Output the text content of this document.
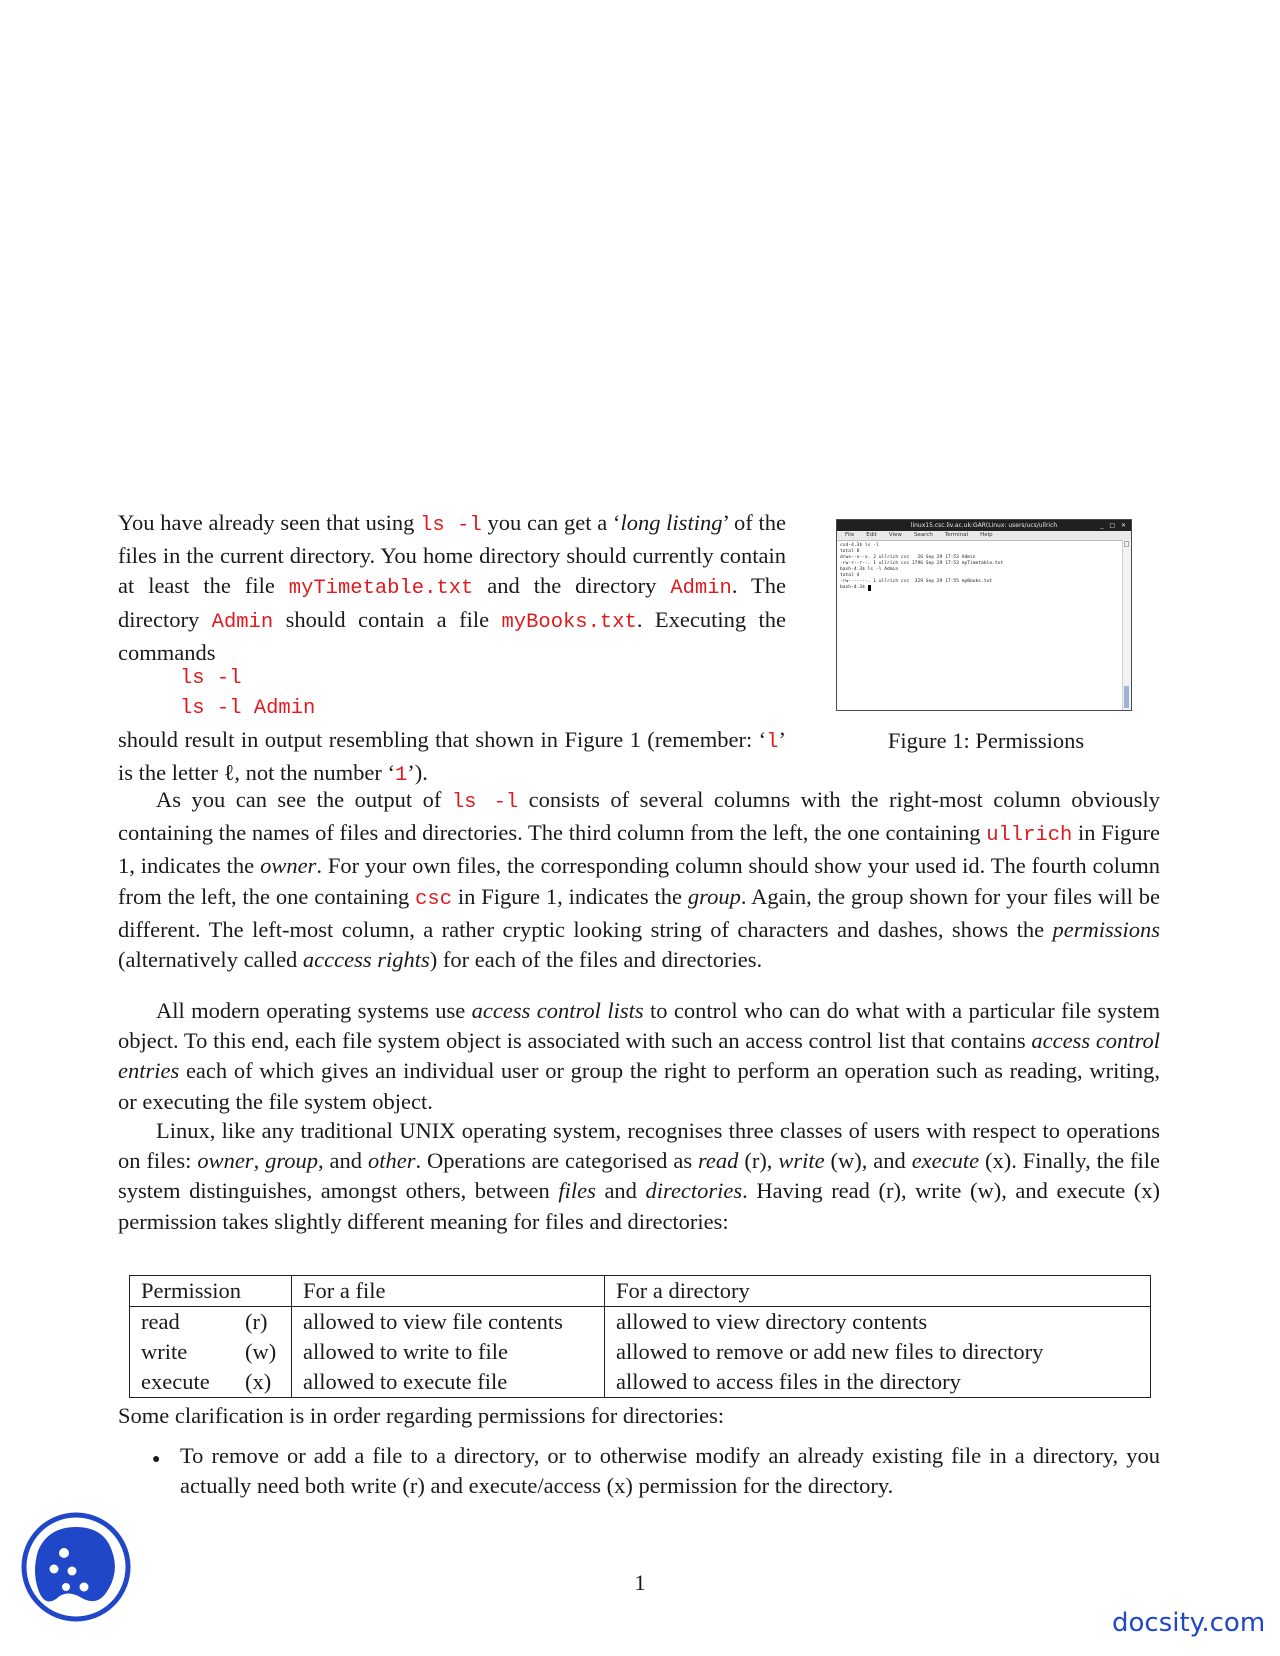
You have already seen that using ls -l you can get a ‘long listing’ of the files in the current directory. You home directory should currently contain at least the file myTimetable.txt and the directory Admin. The directory Admin should contain a file myBooks.txt. Executing the commands

ls -l
ls -l Admin

should result in output resembling that shown in Figure 1 (remember: ‘l’ is the letter ℓ, not the number ‘1’).

linux15.csc.liv.ac.uk:GAR(Linux: users/ucs/ullrich	_ □ ✕
File Edit View Search Terminal Help
csd-4.3$ ls -l
total 8
drwx--x--x. 2 ullrich csc   26 Sep 29 17:53 Admin
-rw-r--r--. 1 ullrich csc 1796 Sep 29 17:53 myTimetable.txt
bash-4.3$ ls -l Admin
total 4
-rw-------. 1 ullrich csc  329 Sep 29 17:55 myBooks.txt
bash-4.3$
Figure 1: Permissions

As you can see the output of ls -l consists of several columns with the right-most column obviously containing the names of files and directories. The third column from the left, the one containing ullrich in Figure 1, indicates the owner. For your own files, the corresponding column should show your used id. The fourth column from the left, the one containing csc in Figure 1, indicates the group. Again, the group shown for your files will be different. The left-most column, a rather cryptic looking string of characters and dashes, shows the permissions (alternatively called acccess rights) for each of the files and directories.

All modern operating systems use access control lists to control who can do what with a particular file system object. To this end, each file system object is associated with such an access control list that contains access control entries each of which gives an individual user or group the right to perform an operation such as reading, writing, or executing the file system object.

Linux, like any traditional UNIX operating system, recognises three classes of users with respect to operations on files: owner, group, and other. Operations are categorised as read (r), write (w), and execute (x). Finally, the file system distinguishes, amongst others, between files and directories. Having read (r), write (w), and execute (x) permission takes slightly different meaning for files and directories:

Permission	For a file	For a directory
read (r)	allowed to view file contents	allowed to view directory contents
write (w)	allowed to write to file	allowed to remove or add new files to directory
execute (x)	allowed to execute file	allowed to access files in the directory

Some clarification is in order regarding permissions for directories:

● To remove or add a file to a directory, or to otherwise modify an already existing file in a directory, you actually need both write (r) and execute/access (x) permission for the directory.

1
docsity.com
